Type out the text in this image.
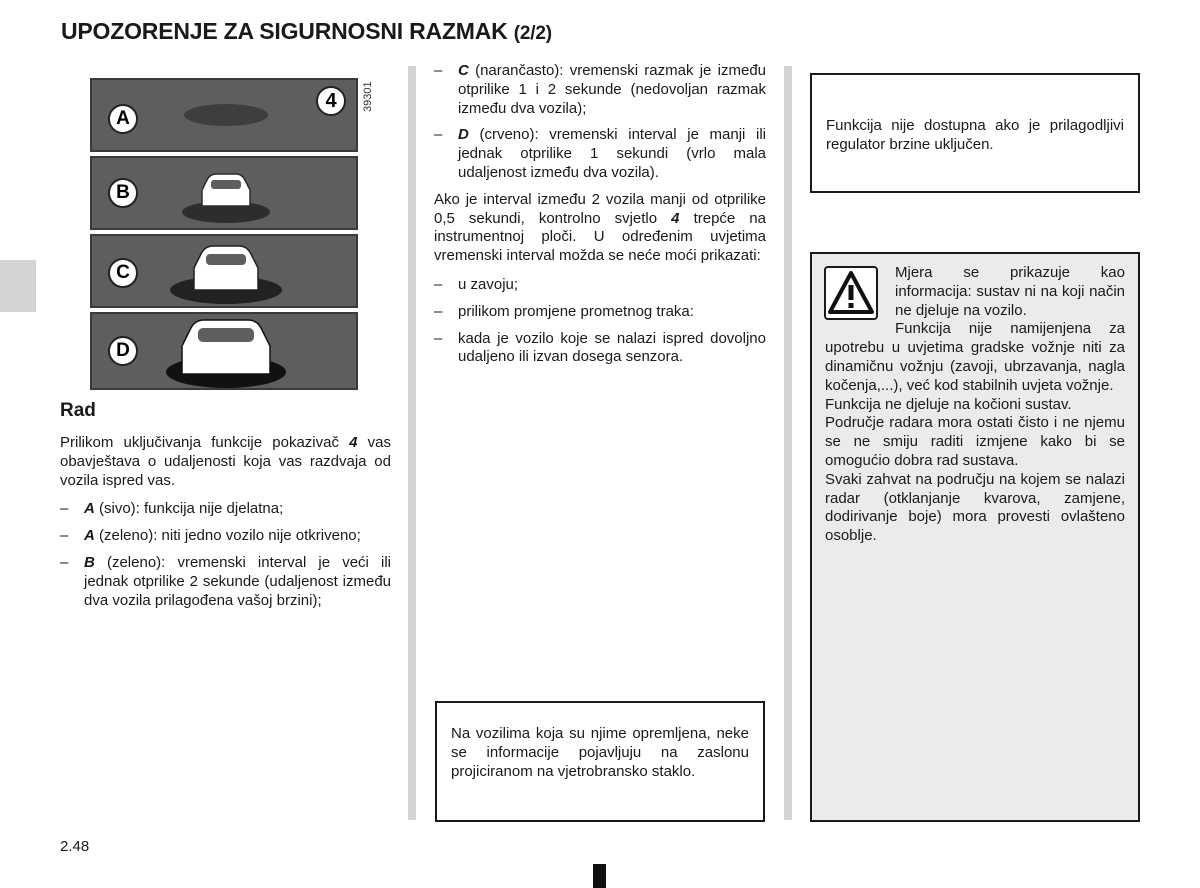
UPOZORENJE ZA SIGURNOSNI RAZMAK (2/2)
A
4
B
C
D
39301
Rad

Prilikom uključivanja funkcije pokazivač 4 vas obavještava o udaljenosti koja vas razdvaja od vozila ispred vas.

– A (sivo): funkcija nije djelatna;
– A (zeleno): niti jedno vozilo nije otkriveno;
– B (zeleno): vremenski interval je veći ili jednak otprilike 2 sekunde (udaljenost između dva vozila prilagođena vašoj brzini);
– C (narančasto): vremenski razmak je između otprilike 1 i 2 sekunde (nedovoljan razmak između dva vozila);
– D (crveno): vremenski interval je manji ili jednak otprilike 1 sekundi (vrlo mala udaljenost između dva vozila).

Ako je interval između 2 vozila manji od otprilike 0,5 sekundi, kontrolno svjetlo 4 trepće na instrumentnoj ploči. U određenim uvjetima vremenski interval možda se neće moći prikazati:

– u zavoju;
– prilikom promjene prometnog traka:
– kada je vozilo koje se nalazi ispred dovoljno udaljeno ili izvan dosega senzora.
Na vozilima koja su njime opremljena, neke se informacije pojavljuju na zaslonu projiciranom na vjetrobransko staklo.
Funkcija nije dostupna ako je prilagodljivi regulator brzine uključen.
Mjera se prikazuje kao informacija: sustav ni na koji način ne djeluje na vozilo.
Funkcija nije namijenjena za upotrebu u uvjetima gradske vožnje niti za dinamičnu vožnju (zavoji, ubrzavanja, nagla kočenja,...), već kod stabilnih uvjeta vožnje.
Funkcija ne djeluje na kočioni sustav.
Područje radara mora ostati čisto i ne njemu se ne smiju raditi izmjene kako bi se omogućio dobra rad sustava.
Svaki zahvat na području na kojem se nalazi radar (otklanjanje kvarova, zamjene, dodirivanje boje) mora provesti ovlašteno osoblje.
2.48
